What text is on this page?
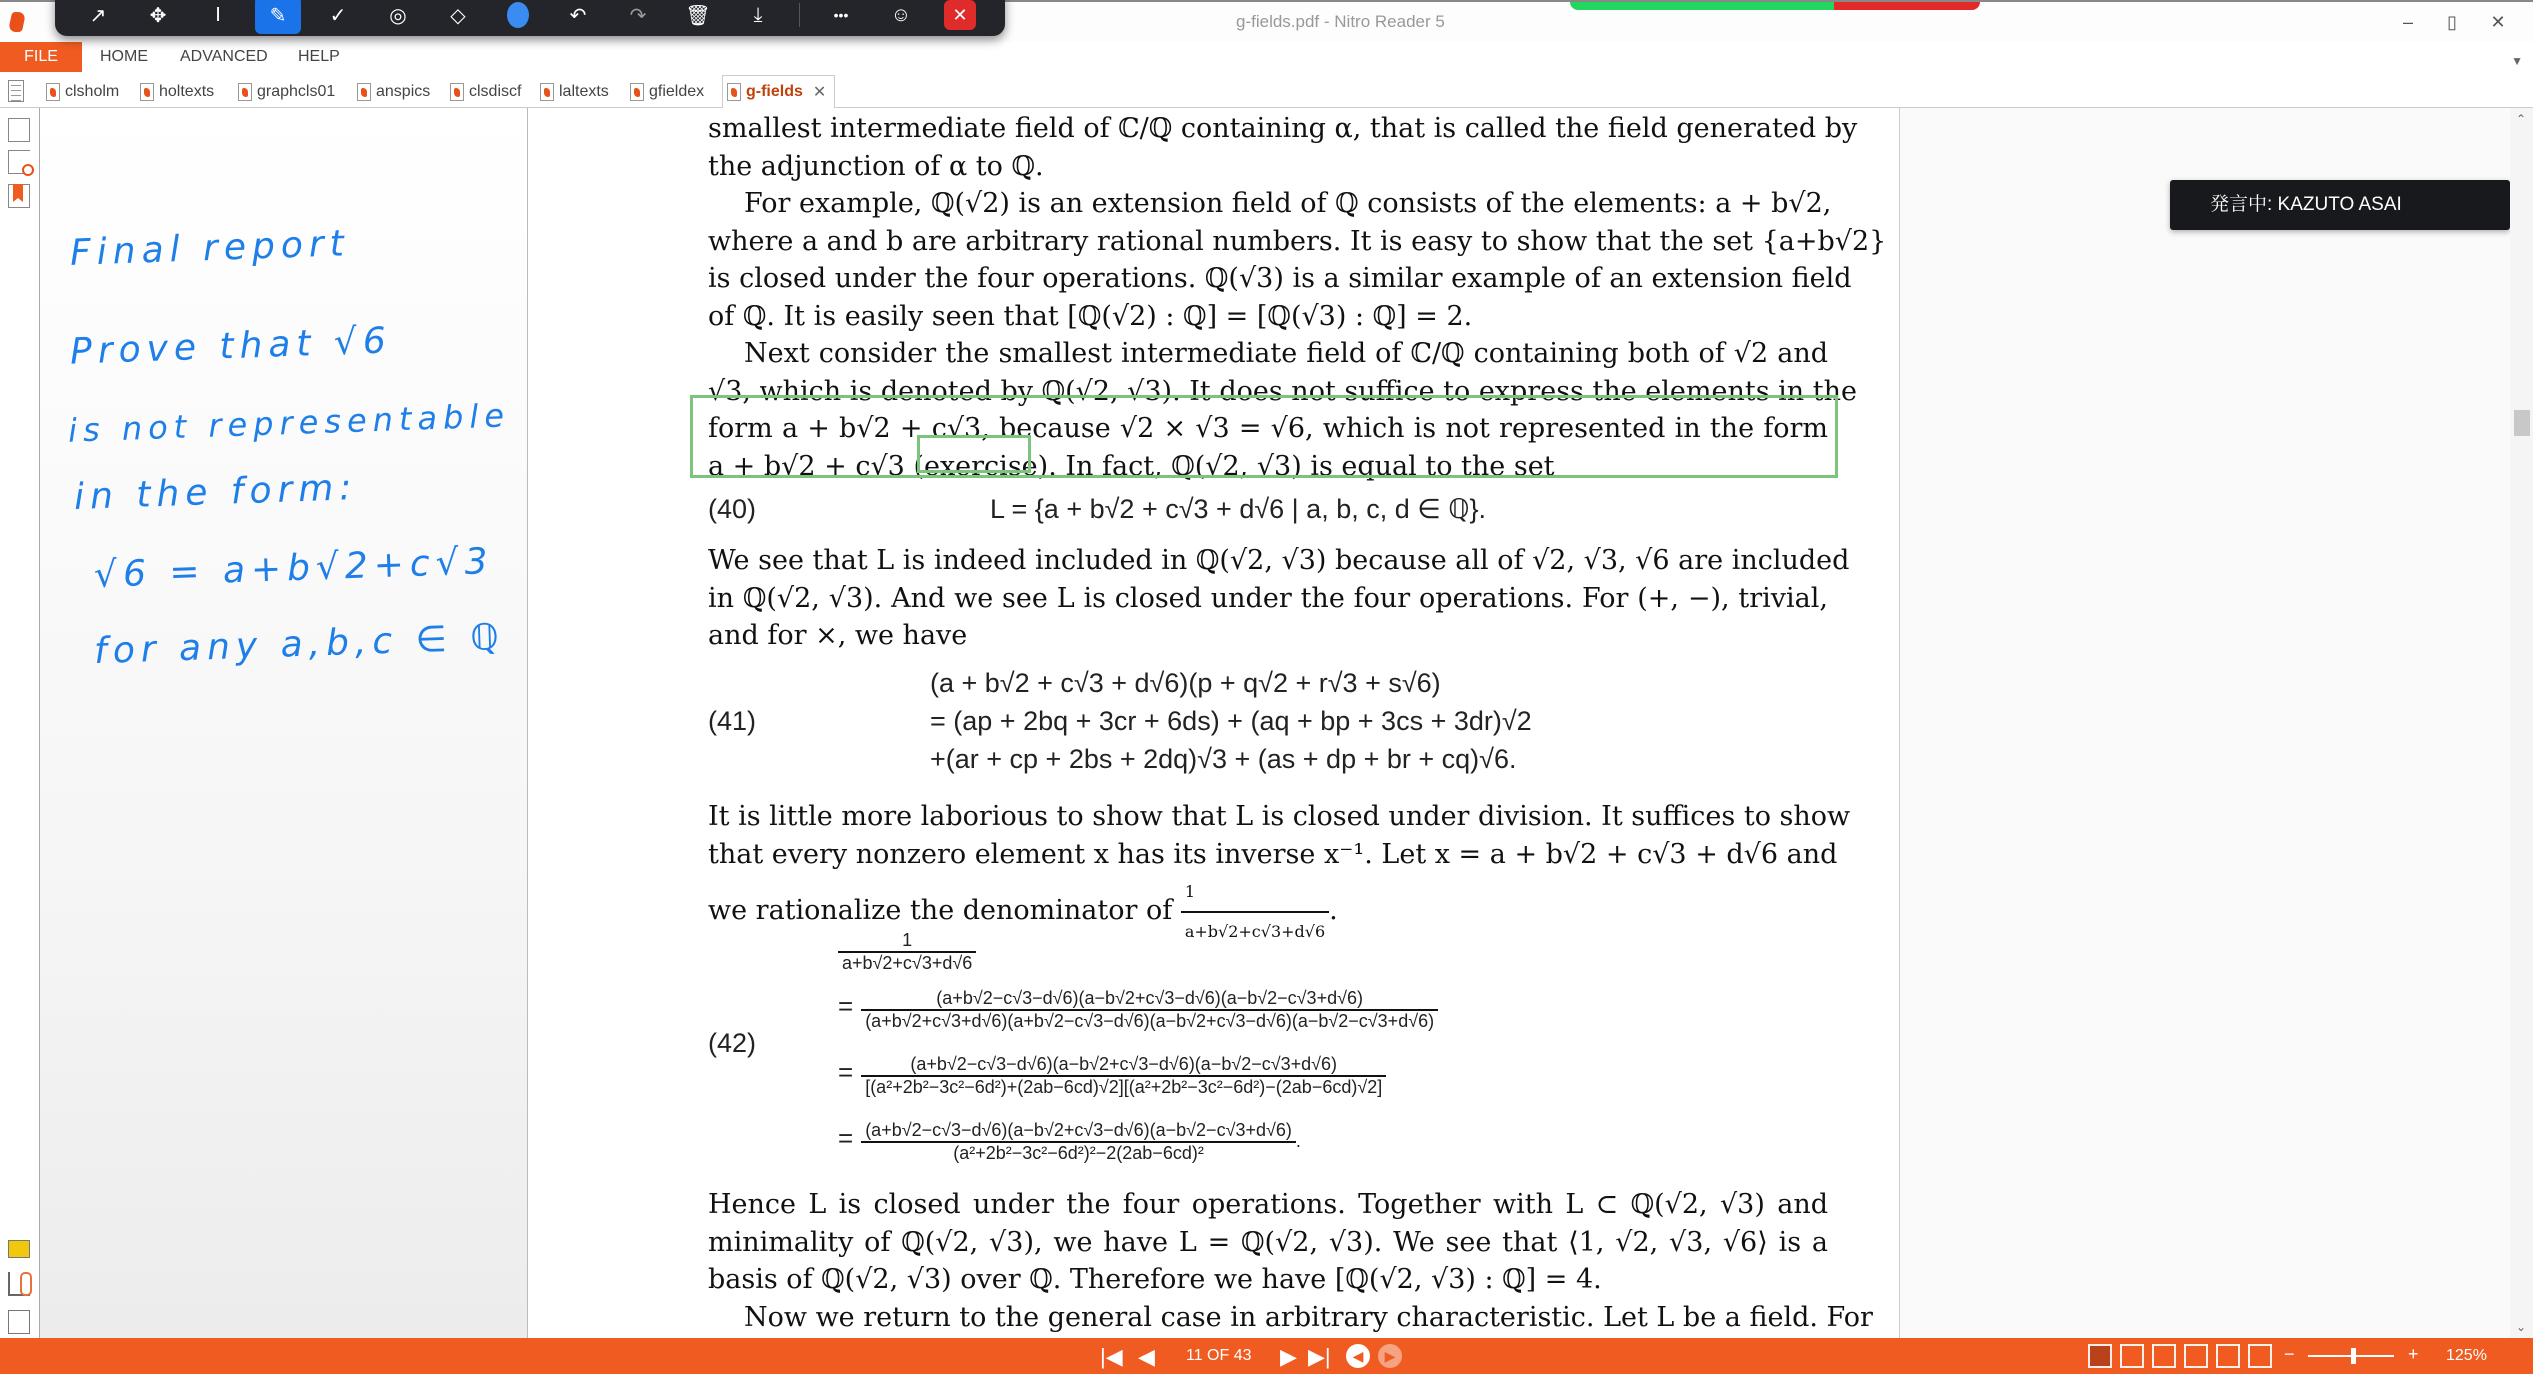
g-fields.pdf - Nitro Reader 5	‒	▯	✕
↗	✥	I	✎	✓	◎	◇	↶	↷	🗑	⤓	•••	☺	✕
FILE	HOME ADVANCED HELP	▼
clsholm holtexts	graphcls01	anspics clsdiscf laltexts	gfieldex	g-fields ✕
Final report
Prove that √6
is not representable
in the form:
√6 = a+b√2+c√3
for any a,b,c ∈ ℚ
smallest intermediate field of ℂ/ℚ containing α, that is called the field generated by
the adjunction of α to ℚ.
For example, ℚ(√2) is an extension field of ℚ consists of the elements: a + b√2,
where a and b are arbitrary rational numbers. It is easy to show that the set {a+b√2}
is closed under the four operations. ℚ(√3) is a similar example of an extension field
of ℚ. It is easily seen that [ℚ(√2) : ℚ] = [ℚ(√3) : ℚ] = 2.
Next consider the smallest intermediate field of ℂ/ℚ containing both of √2 and
√3, which is denoted by ℚ(√2, √3). It does not suffice to express the elements in the
form a + b√2 + c√3, because √2 × √3 = √6, which is not represented in the form
a + b√2 + c√3 (exercise). In fact, ℚ(√2, √3) is equal to the set
(40)	L = {a + b√2 + c√3 + d√6 | a, b, c, d ∈ ℚ}.
We see that L is indeed included in ℚ(√2, √3) because all of √2, √3, √6 are included
in ℚ(√2, √3). And we see L is closed under the four operations. For (+, −), trivial,
and for ×, we have
(41)
(a + b√2 + c√3 + d√6)(p + q√2 + r√3 + s√6)
= (ap + 2bq + 3cr + 6ds) + (aq + bp + 3cs + 3dr)√2
+(ar + cp + 2bs + 2dq)√3 + (as + dp + br + cq)√6.
It is little more laborious to show that L is closed under division. It suffices to show
that every nonzero element x has its inverse x⁻¹. Let x = a + b√2 + c√3 + d√6 and
we rationalize the denominator of $\frac{1}{a+b√2+c√3+d√6}$ .
(42)
$\frac{1}{a+b√2+c√3+d√6}$
= $\frac{(a+b√2-c√3-d√6)(a-b√2+c√3-d√6)(a-b√2-c√3+d√6)}{(a+b√2+c√3+d√6)(a+b√2-c√3-d√6)(a-b√2+c√3-d√6)(a-b√2-c√3+d√6)}$
= $\frac{(a+b√2-c√3-d√6)(a-b√2+c√3-d√6)(a-b√2-c√3+d√6)}{\text{[(a²+2b²−3c²−6d²)+(2ab−6cd)√2][(a²+2b²−3c²−6d²)−(2ab−6cd)√2]}}$
= $\frac{(a+b√2-c√3-d√6)(a-b√2+c√3-d√6)(a-b√2-c√3+d√6)}{\text{(a²+2b²−3c²−6d²)²−2(2ab−6cd)²}}$ .
Hence L is closed under the four operations. Together with L ⊂ ℚ(√2, √3) and
minimality of ℚ(√2, √3), we have L = ℚ(√2, √3). We see that ⟨1, √2, √3, √6⟩ is a
basis of ℚ(√2, √3) over ℚ. Therefore we have [ℚ(√2, √3) : ℚ] = 4.
Now we return to the general case in arbitrary characteristic. Let L be a field. For
発言中: KAZUTO ASAI
⌃
⌄
|◀ ◀ 11 OF 43 ▶ ▶|	◀	▶	−	+ 125%
